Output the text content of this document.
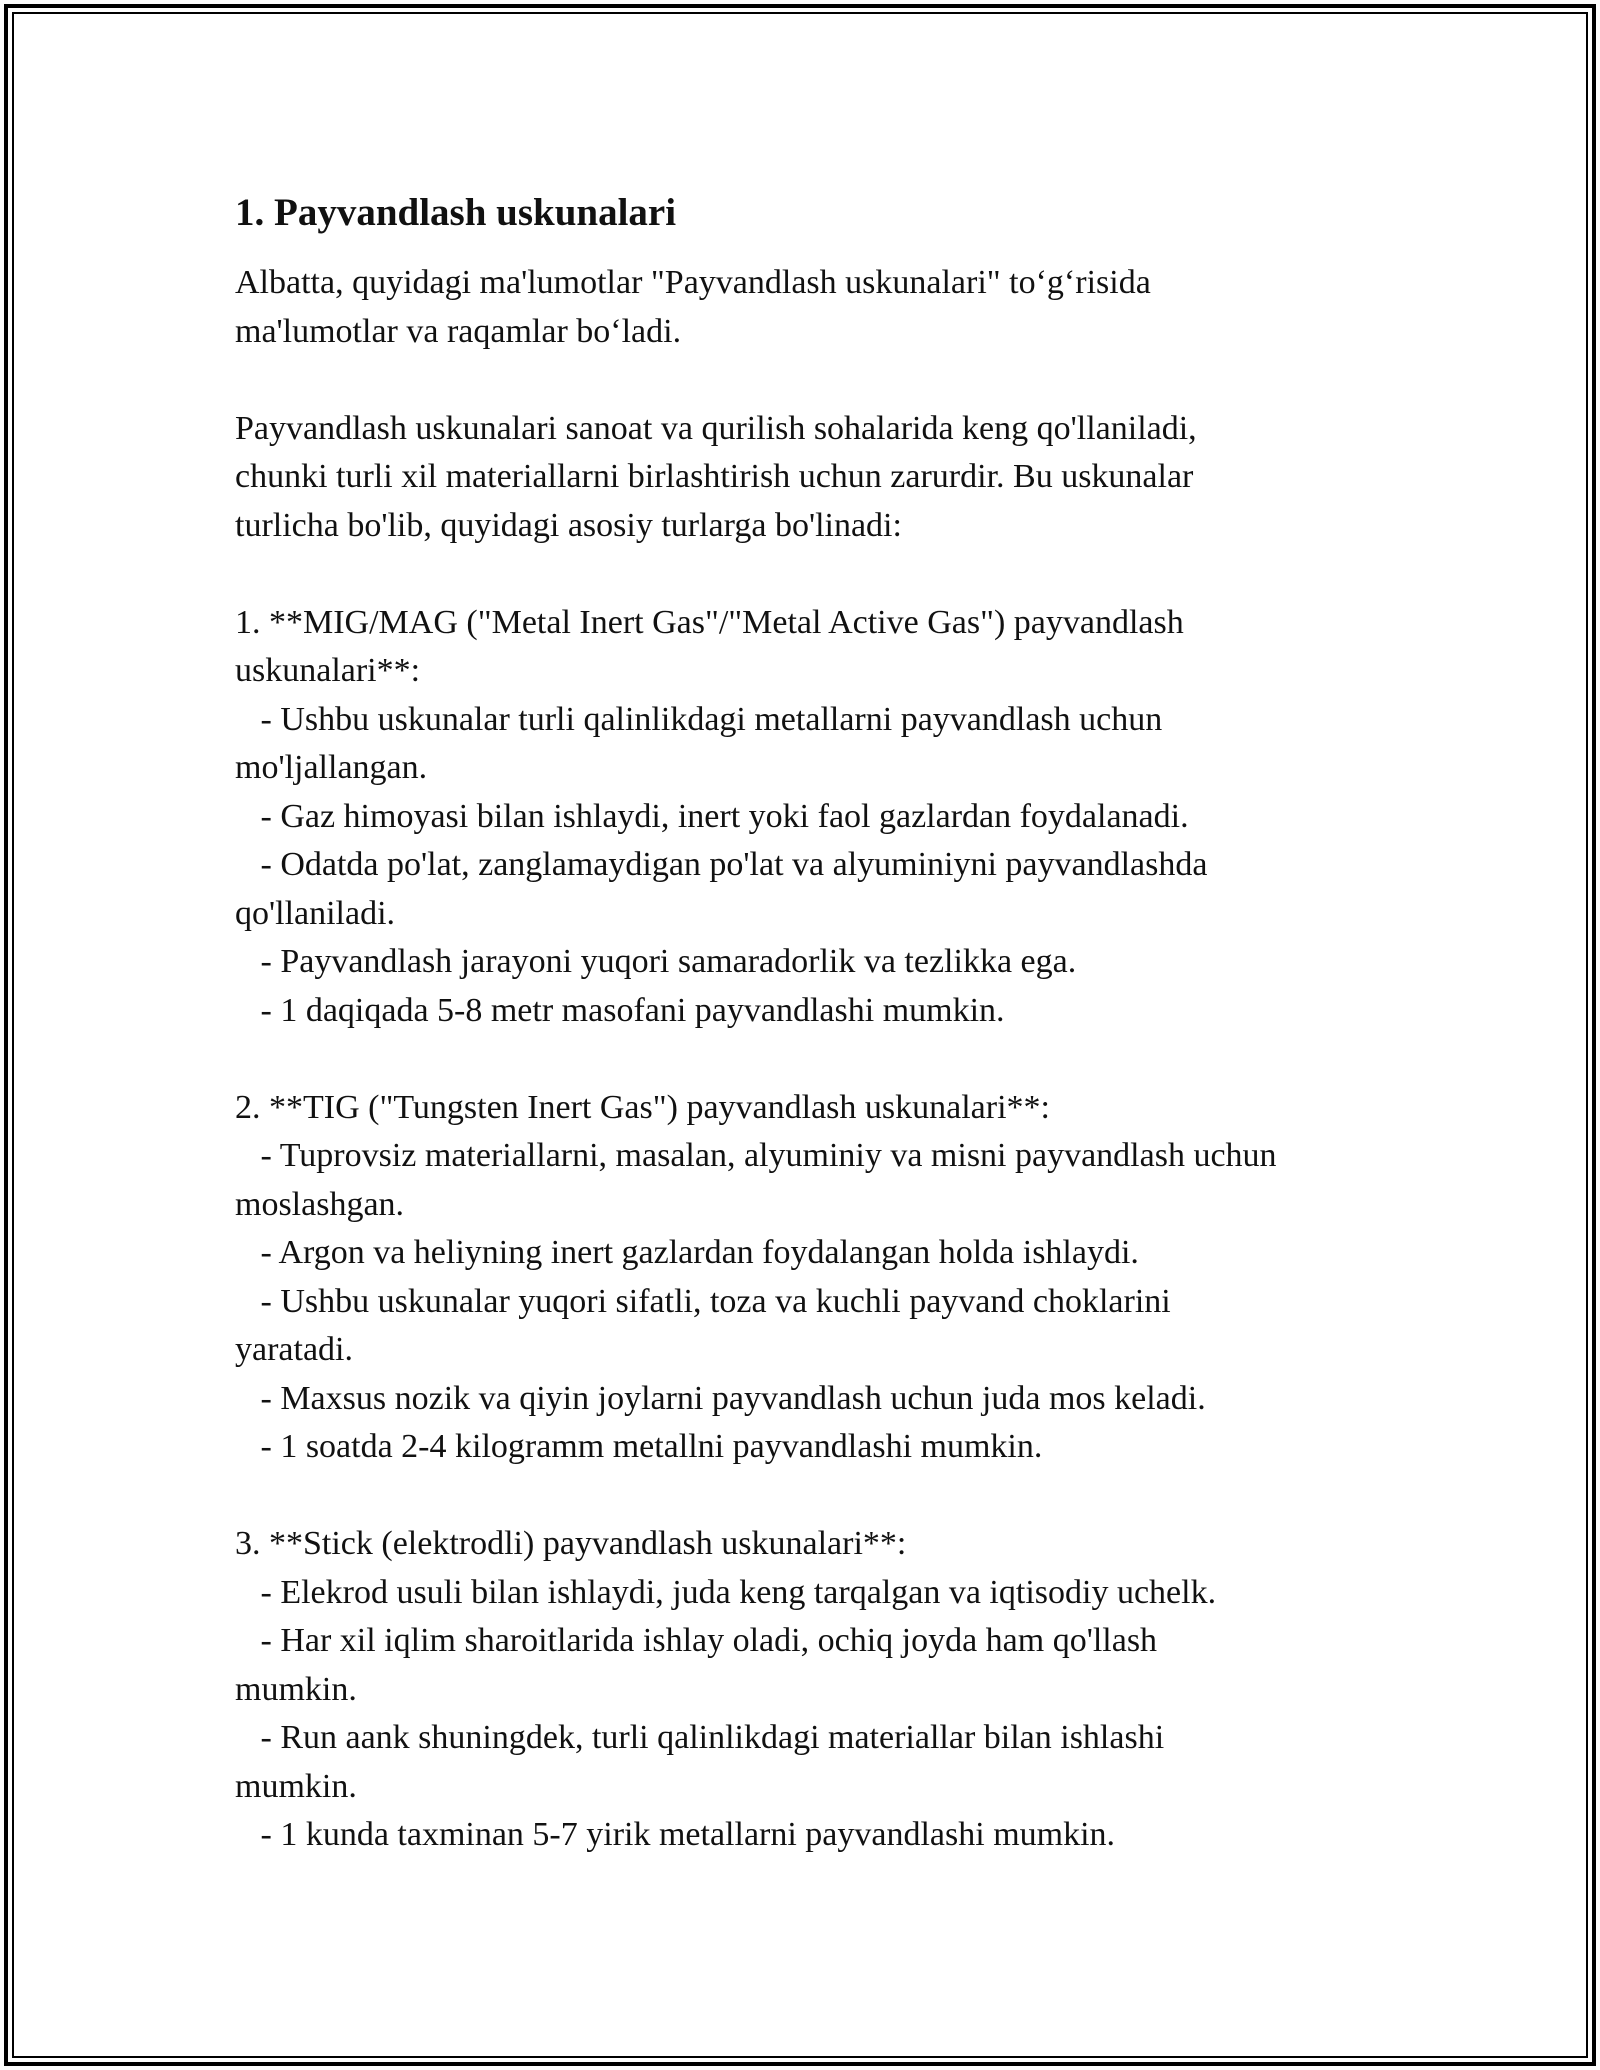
1. Payvandlash uskunalari
Albatta, quyidagi ma'lumotlar "Payvandlash uskunalari" to‘g‘risida
ma'lumotlar va raqamlar bo‘ladi.
Payvandlash uskunalari sanoat va qurilish sohalarida keng qo'llaniladi,
chunki turli xil materiallarni birlashtirish uchun zarurdir. Bu uskunalar
turlicha bo'lib, quyidagi asosiy turlarga bo'linadi:
1. **MIG/MAG ("Metal Inert Gas"/"Metal Active Gas") payvandlash
uskunalari**:
- Ushbu uskunalar turli qalinlikdagi metallarni payvandlash uchun
mo'ljallangan.
- Gaz himoyasi bilan ishlaydi, inert yoki faol gazlardan foydalanadi.
- Odatda po'lat, zanglamaydigan po'lat va alyuminiyni payvandlashda
qo'llaniladi.
- Payvandlash jarayoni yuqori samaradorlik va tezlikka ega.
- 1 daqiqada 5-8 metr masofani payvandlashi mumkin.
2. **TIG ("Tungsten Inert Gas") payvandlash uskunalari**:
- Tuprovsiz materiallarni, masalan, alyuminiy va misni payvandlash uchun
moslashgan.
- Argon va heliyning inert gazlardan foydalangan holda ishlaydi.
- Ushbu uskunalar yuqori sifatli, toza va kuchli payvand choklarini
yaratadi.
- Maxsus nozik va qiyin joylarni payvandlash uchun juda mos keladi.
- 1 soatda 2-4 kilogramm metallni payvandlashi mumkin.
3. **Stick (elektrodli) payvandlash uskunalari**:
- Elekrod usuli bilan ishlaydi, juda keng tarqalgan va iqtisodiy uchelk.
- Har xil iqlim sharoitlarida ishlay oladi, ochiq joyda ham qo'llash
mumkin.
- Run aank shuningdek, turli qalinlikdagi materiallar bilan ishlashi
mumkin.
- 1 kunda taxminan 5-7 yirik metallarni payvandlashi mumkin.
